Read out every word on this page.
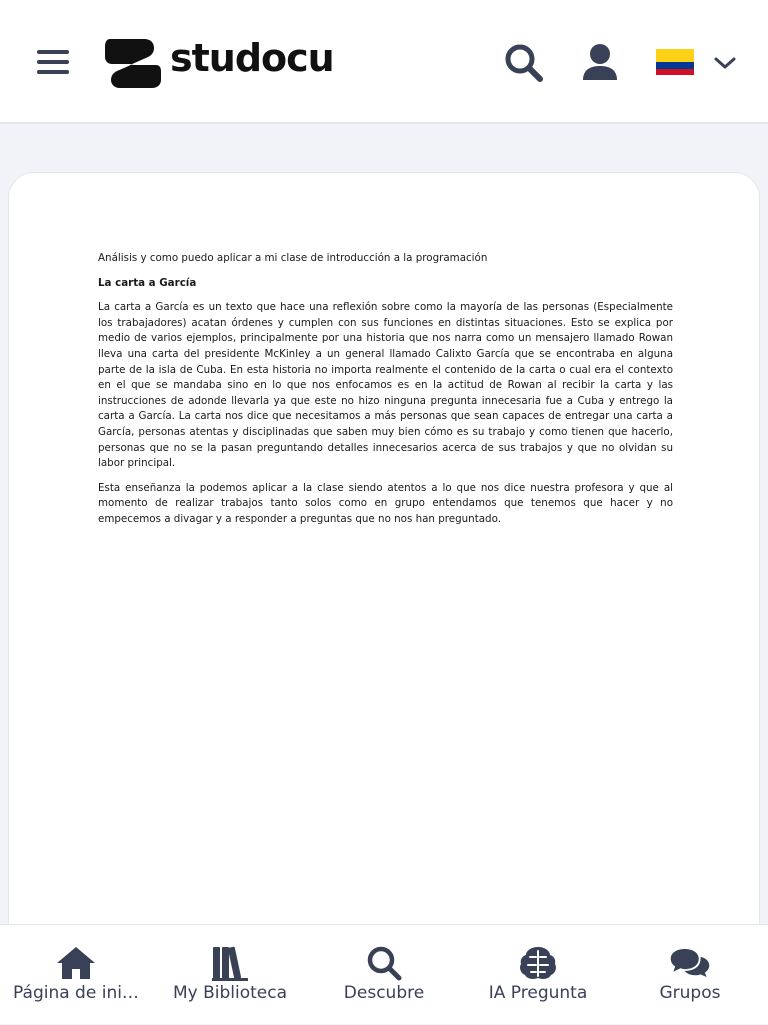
studocu

Análisis y como puedo aplicar a mi clase de introducción a la programación

La carta a García

La carta a García es un texto que hace una reflexión sobre como la mayoría de las personas (Especialmente los trabajadores) acatan órdenes y cumplen con sus funciones en distintas situaciones. Esto se explica por medio de varios ejemplos, principalmente por una historia que nos narra como un mensajero llamado Rowan lleva una carta del presidente McKinley a un general llamado Calixto García que se encontraba en alguna parte de la isla de Cuba. En esta historia no importa realmente el contenido de la carta o cual era el contexto en el que se mandaba sino en lo que nos enfocamos es en la actitud de Rowan al recibir la carta y las instrucciones de adonde llevarla ya que este no hizo ninguna pregunta innecesaria fue a Cuba y entrego la carta a García. La carta nos dice que necesitamos a más personas que sean capaces de entregar una carta a García, personas atentas y disciplinadas que saben muy bien cómo es su trabajo y como tienen que hacerlo, personas que no se la pasan preguntando detalles innecesarios acerca de sus trabajos y que no olvidan su labor principal.

Esta enseñanza la podemos aplicar a la clase siendo atentos a lo que nos dice nuestra profesora y que al momento de realizar trabajos tanto solos como en grupo entendamos que tenemos que hacer y no empecemos a divagar y a responder a preguntas que no nos han preguntado.

Página de ini…	My Biblioteca	Descubre	IA Pregunta	Grupos
